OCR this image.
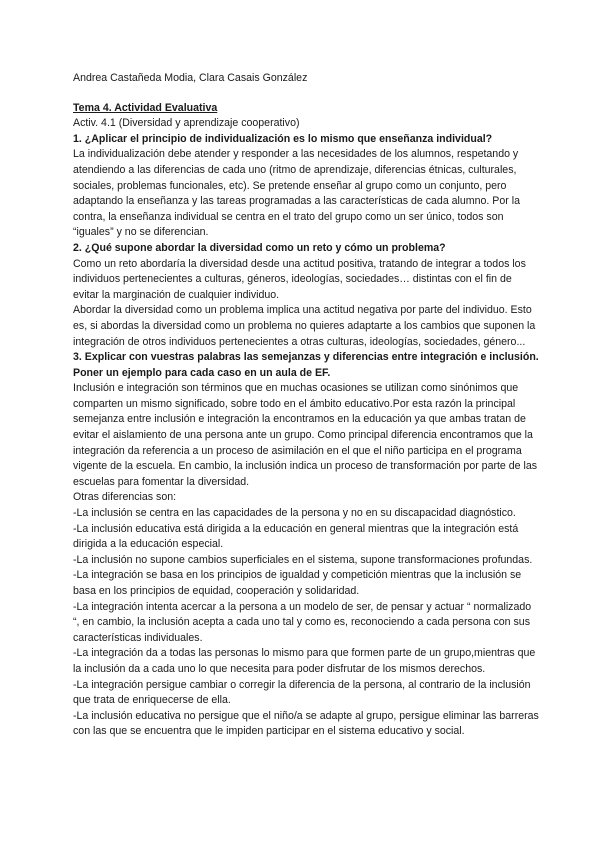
Andrea Castañeda Modia, Clara Casais González

Tema 4. Actividad Evaluativa

Activ. 4.1 (Diversidad y aprendizaje cooperativo)

1. ¿Aplicar el principio de individualización es lo mismo que enseñanza individual?

La individualización debe atender y responder a las necesidades de los alumnos, respetando y atendiendo a las diferencias de cada uno (ritmo de aprendizaje, diferencias étnicas, culturales, sociales, problemas funcionales, etc). Se pretende enseñar al grupo como un conjunto, pero adaptando la enseñanza y las tareas programadas a las características de cada alumno. Por la contra, la enseñanza individual se centra en el trato del grupo como un ser único, todos son “iguales” y no se diferencian.

2. ¿Qué supone abordar la diversidad como un reto y cómo un problema?

Como un reto abordaría la diversidad desde una actitud positiva, tratando de integrar a todos los individuos pertenecientes a culturas, géneros, ideologías, sociedades… distintas con el fin de evitar la marginación de cualquier individuo.

Abordar la diversidad como un problema implica una actitud negativa por parte del individuo. Esto es, si abordas la diversidad como un problema no quieres adaptarte a los cambios que suponen la integración de otros individuos pertenecientes a otras culturas, ideologías, sociedades, género...

3. Explicar con vuestras palabras las semejanzas y diferencias entre integración e inclusión. Poner un ejemplo para cada caso en un aula de EF.

Inclusión e integración son términos que en muchas ocasiones se utilizan como sinónimos que comparten un mismo significado, sobre todo en el ámbito educativo.Por esta razón la principal semejanza entre inclusión e integración la encontramos en la educación ya que ambas tratan de evitar el aislamiento de una persona ante un grupo. Como principal diferencia encontramos que la integración da referencia a un proceso de asimilación en el que el niño participa en el programa vigente de la escuela. En cambio, la inclusión indica un proceso de transformación por parte de las escuelas para fomentar la diversidad.

Otras diferencias son:

-La inclusión se centra en las capacidades de la persona y no en su discapacidad diagnóstico.
-La inclusión educativa está dirigida a la educación en general mientras que la integración está dirigida a la educación especial.
-La inclusión no supone cambios superficiales en el sistema, supone transformaciones profundas.
-La integración se basa en los principios de igualdad y competición mientras que la inclusión se basa en los principios de equidad, cooperación y solidaridad.
-La integración intenta acercar a la persona a un modelo de ser, de pensar y actuar “ normalizado “, en cambio, la inclusión acepta a cada uno tal y como es, reconociendo a cada persona con sus características individuales.
-La integración da a todas las personas lo mismo para que formen parte de un grupo,mientras que la inclusión da a cada uno lo que necesita para poder disfrutar de los mismos derechos.
-La integración persigue cambiar o corregir la diferencia de la persona, al contrario de la inclusión que trata de enriquecerse de ella.
-La inclusión educativa no persigue que el niño/a se adapte al grupo, persigue eliminar las barreras con las que se encuentra que le impiden participar en el sistema educativo y social.
